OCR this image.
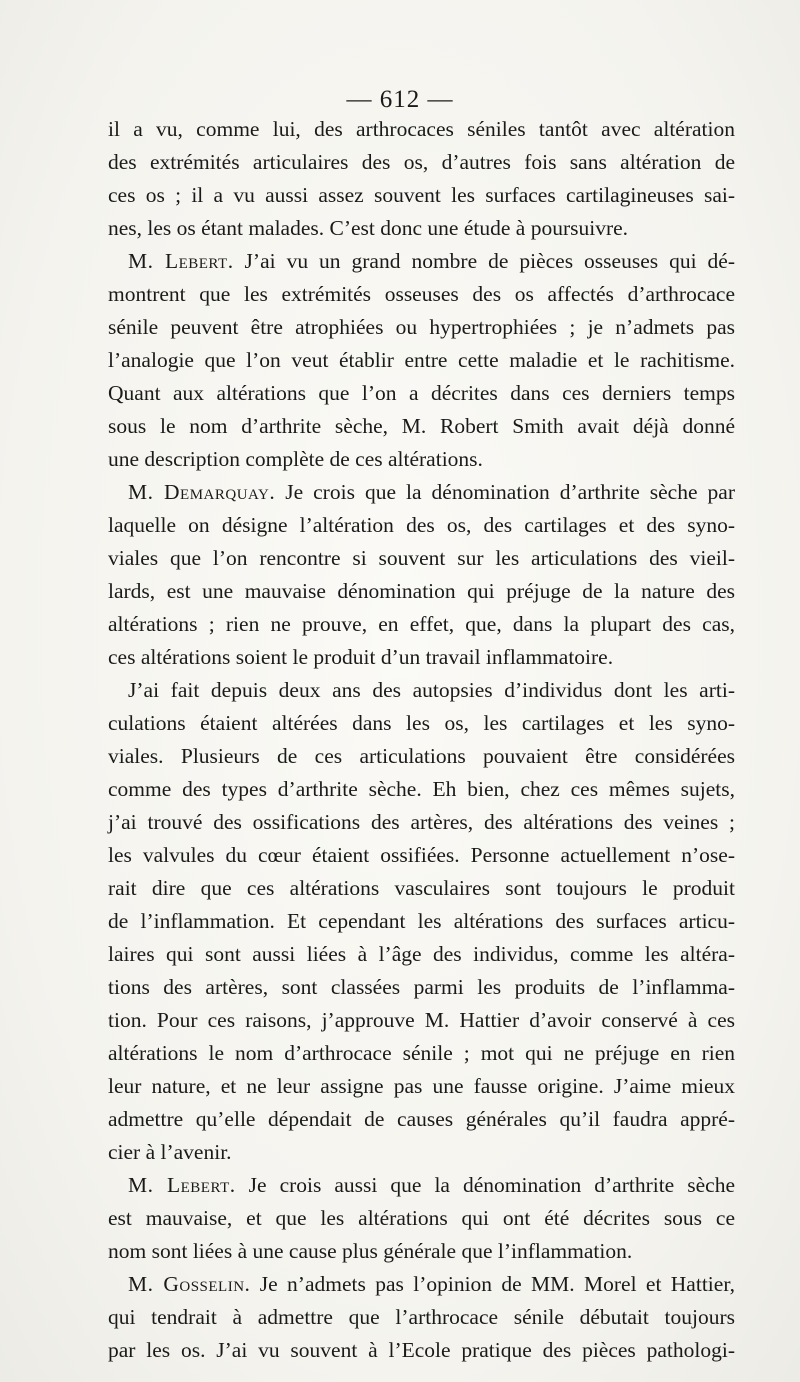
— 612 —
il a vu, comme lui, des arthrocaces séniles tantôt avec altération
des extrémités articulaires des os, d’autres fois sans altération de
ces os ; il a vu aussi assez souvent les surfaces cartilagineuses sai-
nes, les os étant malades. C’est donc une étude à poursuivre.
M. Lebert. J’ai vu un grand nombre de pièces osseuses qui dé-
montrent que les extrémités osseuses des os affectés d’arthrocace
sénile peuvent être atrophiées ou hypertrophiées ; je n’admets pas
l’analogie que l’on veut établir entre cette maladie et le rachitisme.
Quant aux altérations que l’on a décrites dans ces derniers temps
sous le nom d’arthrite sèche, M. Robert Smith avait déjà donné
une description complète de ces altérations.
M. Demarquay. Je crois que la dénomination d’arthrite sèche par
laquelle on désigne l’altération des os, des cartilages et des syno-
viales que l’on rencontre si souvent sur les articulations des vieil-
lards, est une mauvaise dénomination qui préjuge de la nature des
altérations ; rien ne prouve, en effet, que, dans la plupart des cas,
ces altérations soient le produit d’un travail inflammatoire.
J’ai fait depuis deux ans des autopsies d’individus dont les arti-
culations étaient altérées dans les os, les cartilages et les syno-
viales. Plusieurs de ces articulations pouvaient être considérées
comme des types d’arthrite sèche. Eh bien, chez ces mêmes sujets,
j’ai trouvé des ossifications des artères, des altérations des veines ;
les valvules du cœur étaient ossifiées. Personne actuellement n’ose-
rait dire que ces altérations vasculaires sont toujours le produit
de l’inflammation. Et cependant les altérations des surfaces articu-
laires qui sont aussi liées à l’âge des individus, comme les altéra-
tions des artères, sont classées parmi les produits de l’inflamma-
tion. Pour ces raisons, j’approuve M. Hattier d’avoir conservé à ces
altérations le nom d’arthrocace sénile ; mot qui ne préjuge en rien
leur nature, et ne leur assigne pas une fausse origine. J’aime mieux
admettre qu’elle dépendait de causes générales qu’il faudra appré-
cier à l’avenir.
M. Lebert. Je crois aussi que la dénomination d’arthrite sèche
est mauvaise, et que les altérations qui ont été décrites sous ce
nom sont liées à une cause plus générale que l’inflammation.
M. Gosselin. Je n’admets pas l’opinion de MM. Morel et Hattier,
qui tendrait à admettre que l’arthrocace sénile débutait toujours
par les os. J’ai vu souvent à l’Ecole pratique des pièces pathologi-
